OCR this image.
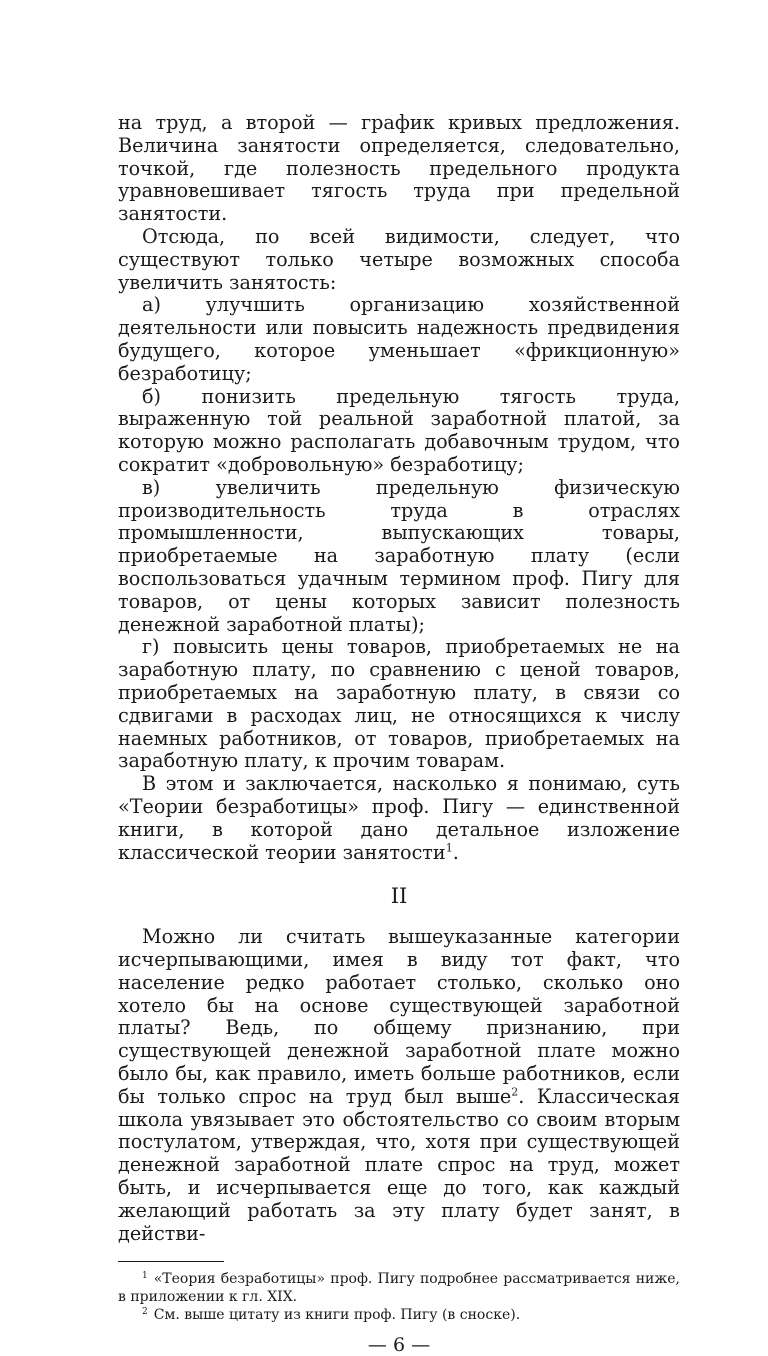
на труд, а второй — график кривых предложения. Величина занятости определяется, следовательно, точкой, где полезность предельного продукта уравновешивает тягость труда при предельной занятости.

Отсюда, по всей видимости, следует, что существуют только четыре возможных способа увеличить занятость:

а) улучшить организацию хозяйственной деятельности или повысить надежность предвидения будущего, которое уменьшает «фрикционную» безработицу;

б) понизить предельную тягость труда, выраженную той реальной заработной платой, за которую можно располагать добавочным трудом, что сократит «добровольную» безработицу;

в) увеличить предельную физическую производительность труда в отраслях промышленности, выпускающих товары, приобретаемые на заработную плату (если воспользоваться удачным термином проф. Пигу для товаров, от цены которых зависит полезность денежной заработной платы);

г) повысить цены товаров, приобретаемых не на заработную плату, по сравнению с ценой товаров, приобретаемых на заработную плату, в связи со сдвигами в расходах лиц, не относящихся к числу наемных работников, от товаров, приобретаемых на заработную плату, к прочим товарам.

В этом и заключается, насколько я понимаю, суть «Теории безработицы» проф. Пигу — единственной книги, в которой дано детальное изложение классической теории занятости$^1$.

II

Можно ли считать вышеуказанные категории исчерпывающими, имея в виду тот факт, что население редко работает столько, сколько оно хотело бы на основе существующей заработной платы? Ведь, по общему признанию, при существующей денежной заработной плате можно было бы, как правило, иметь больше работников, если бы только спрос на труд был выше$^2$. Классическая школа увязывает это обстоятельство со своим вторым постулатом, утверждая, что, хотя при существующей денежной заработной плате спрос на труд, может быть, и исчерпывается еще до того, как каждый желающий работать за эту плату будет занят, в действи-

$^1$ «Теория безработицы» проф. Пигу подробнее рассматривается ниже, в приложении к гл. XIX.

$^2$ См. выше цитату из книги проф. Пигу (в сноске).

— 6 —
